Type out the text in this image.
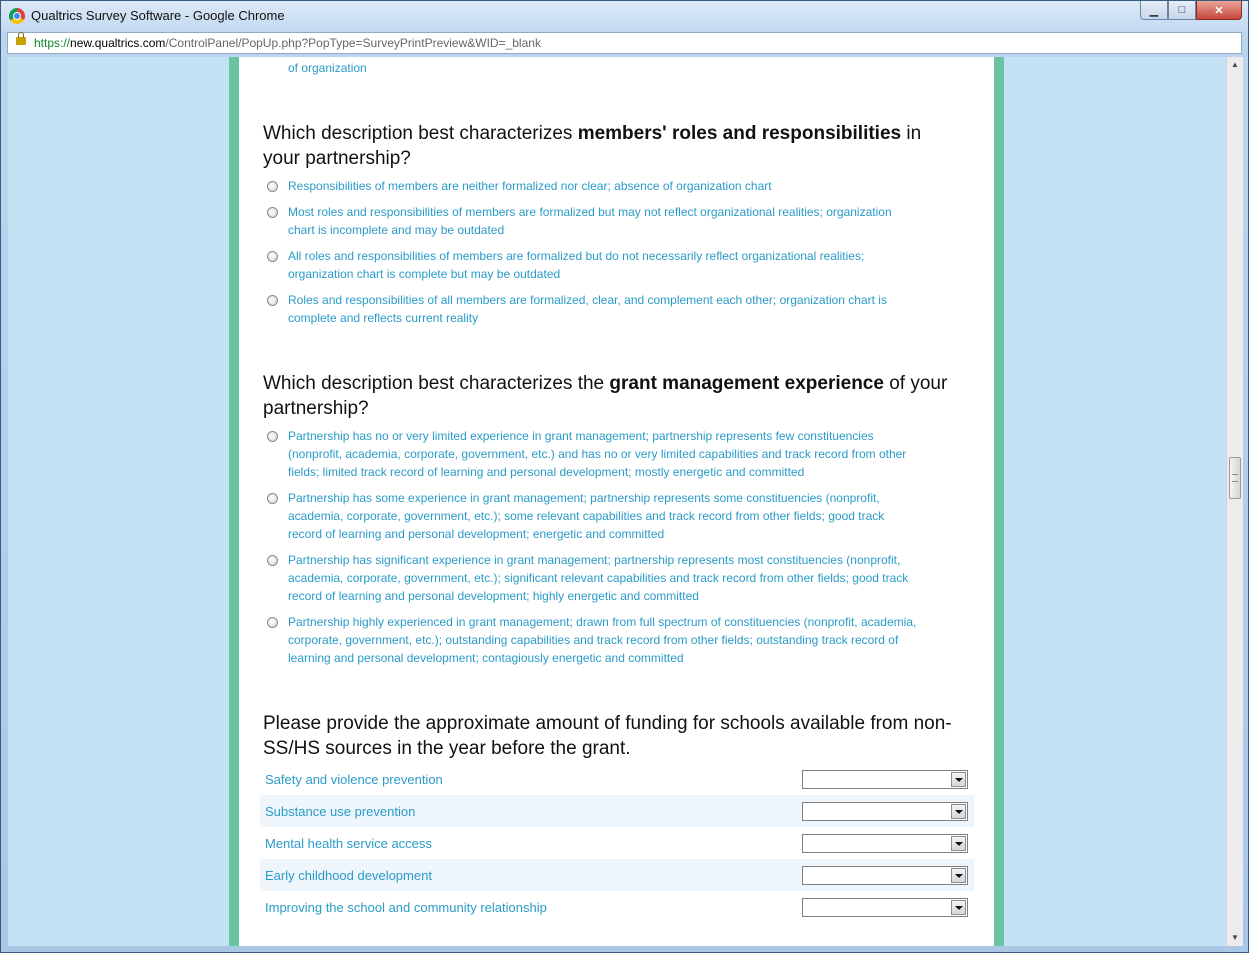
Qualtrics Survey Software - Google Chrome	▁ □	✕
https://new.qualtrics.com/ControlPanel/PopUp.php?PopType=SurveyPrintPreview&WID=_blank
of organization
Which description best characterizes members' roles and responsibilities in your partnership?
Responsibilities of members are neither formalized nor clear; absence of organization chart
Most roles and responsibilities of members are formalized but may not reflect organizational realities; organization chart is incomplete and may be outdated
All roles and responsibilities of members are formalized but do not necessarily reflect organizational realities; organization chart is complete but may be outdated
Roles and responsibilities of all members are formalized, clear, and complement each other; organization chart is complete and reflects current reality
Which description best characterizes the grant management experience of your partnership?
Partnership has no or very limited experience in grant management; partnership represents few constituencies (nonprofit, academia, corporate, government, etc.) and has no or very limited capabilities and track record from other fields; limited track record of learning and personal development; mostly energetic and committed
Partnership has some experience in grant management; partnership represents some constituencies (nonprofit, academia, corporate, government, etc.); some relevant capabilities and track record from other fields; good track record of learning and personal development; energetic and committed
Partnership has significant experience in grant management; partnership represents most constituencies (nonprofit, academia, corporate, government, etc.); significant relevant capabilities and track record from other fields; good track record of learning and personal development; highly energetic and committed
Partnership highly experienced in grant management; drawn from full spectrum of constituencies (nonprofit, academia, corporate, government, etc.); outstanding capabilities and track record from other fields; outstanding track record of learning and personal development; contagiously energetic and committed
Please provide the approximate amount of funding for schools available from non-SS/HS sources in the year before the grant.
Safety and violence prevention
Substance use prevention
Mental health service access
Early childhood development
Improving the school and community relationship
▲
▼
